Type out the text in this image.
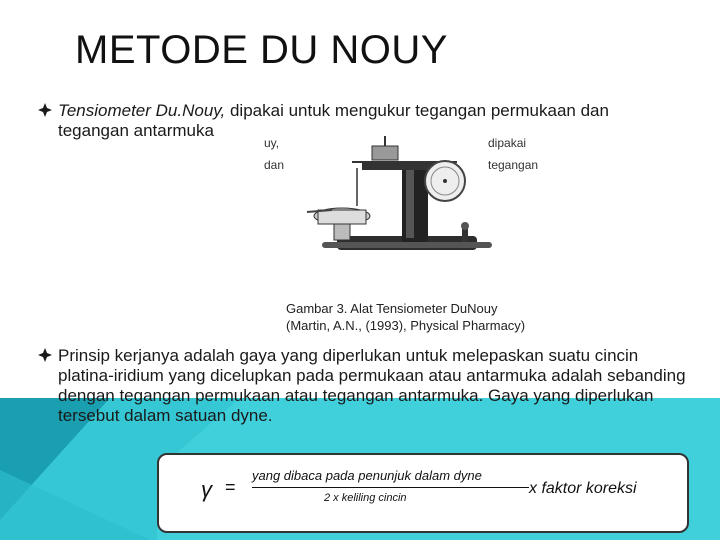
METODE DU NOUY
Tensiometer Du.Nouy, dipakai untuk mengukur tegangan permukaan dan tegangan antarmuka
uy,
dan
dipakai
tegangan
Gambar 3. Alat Tensiometer DuNouy
(Martin, A.N., (1993), Physical Pharmacy)
Prinsip kerjanya adalah gaya yang diperlukan untuk melepaskan suatu cincin platina-iridium yang dicelupkan pada permukaan atau antarmuka adalah sebanding dengan tegangan permukaan atau tegangan antarmuka. Gaya yang diperlukan tersebut dalam satuan dyne.
γ =
yang dibaca pada penunjuk dalam dyne
2 x keliling cincin
x faktor koreksi
